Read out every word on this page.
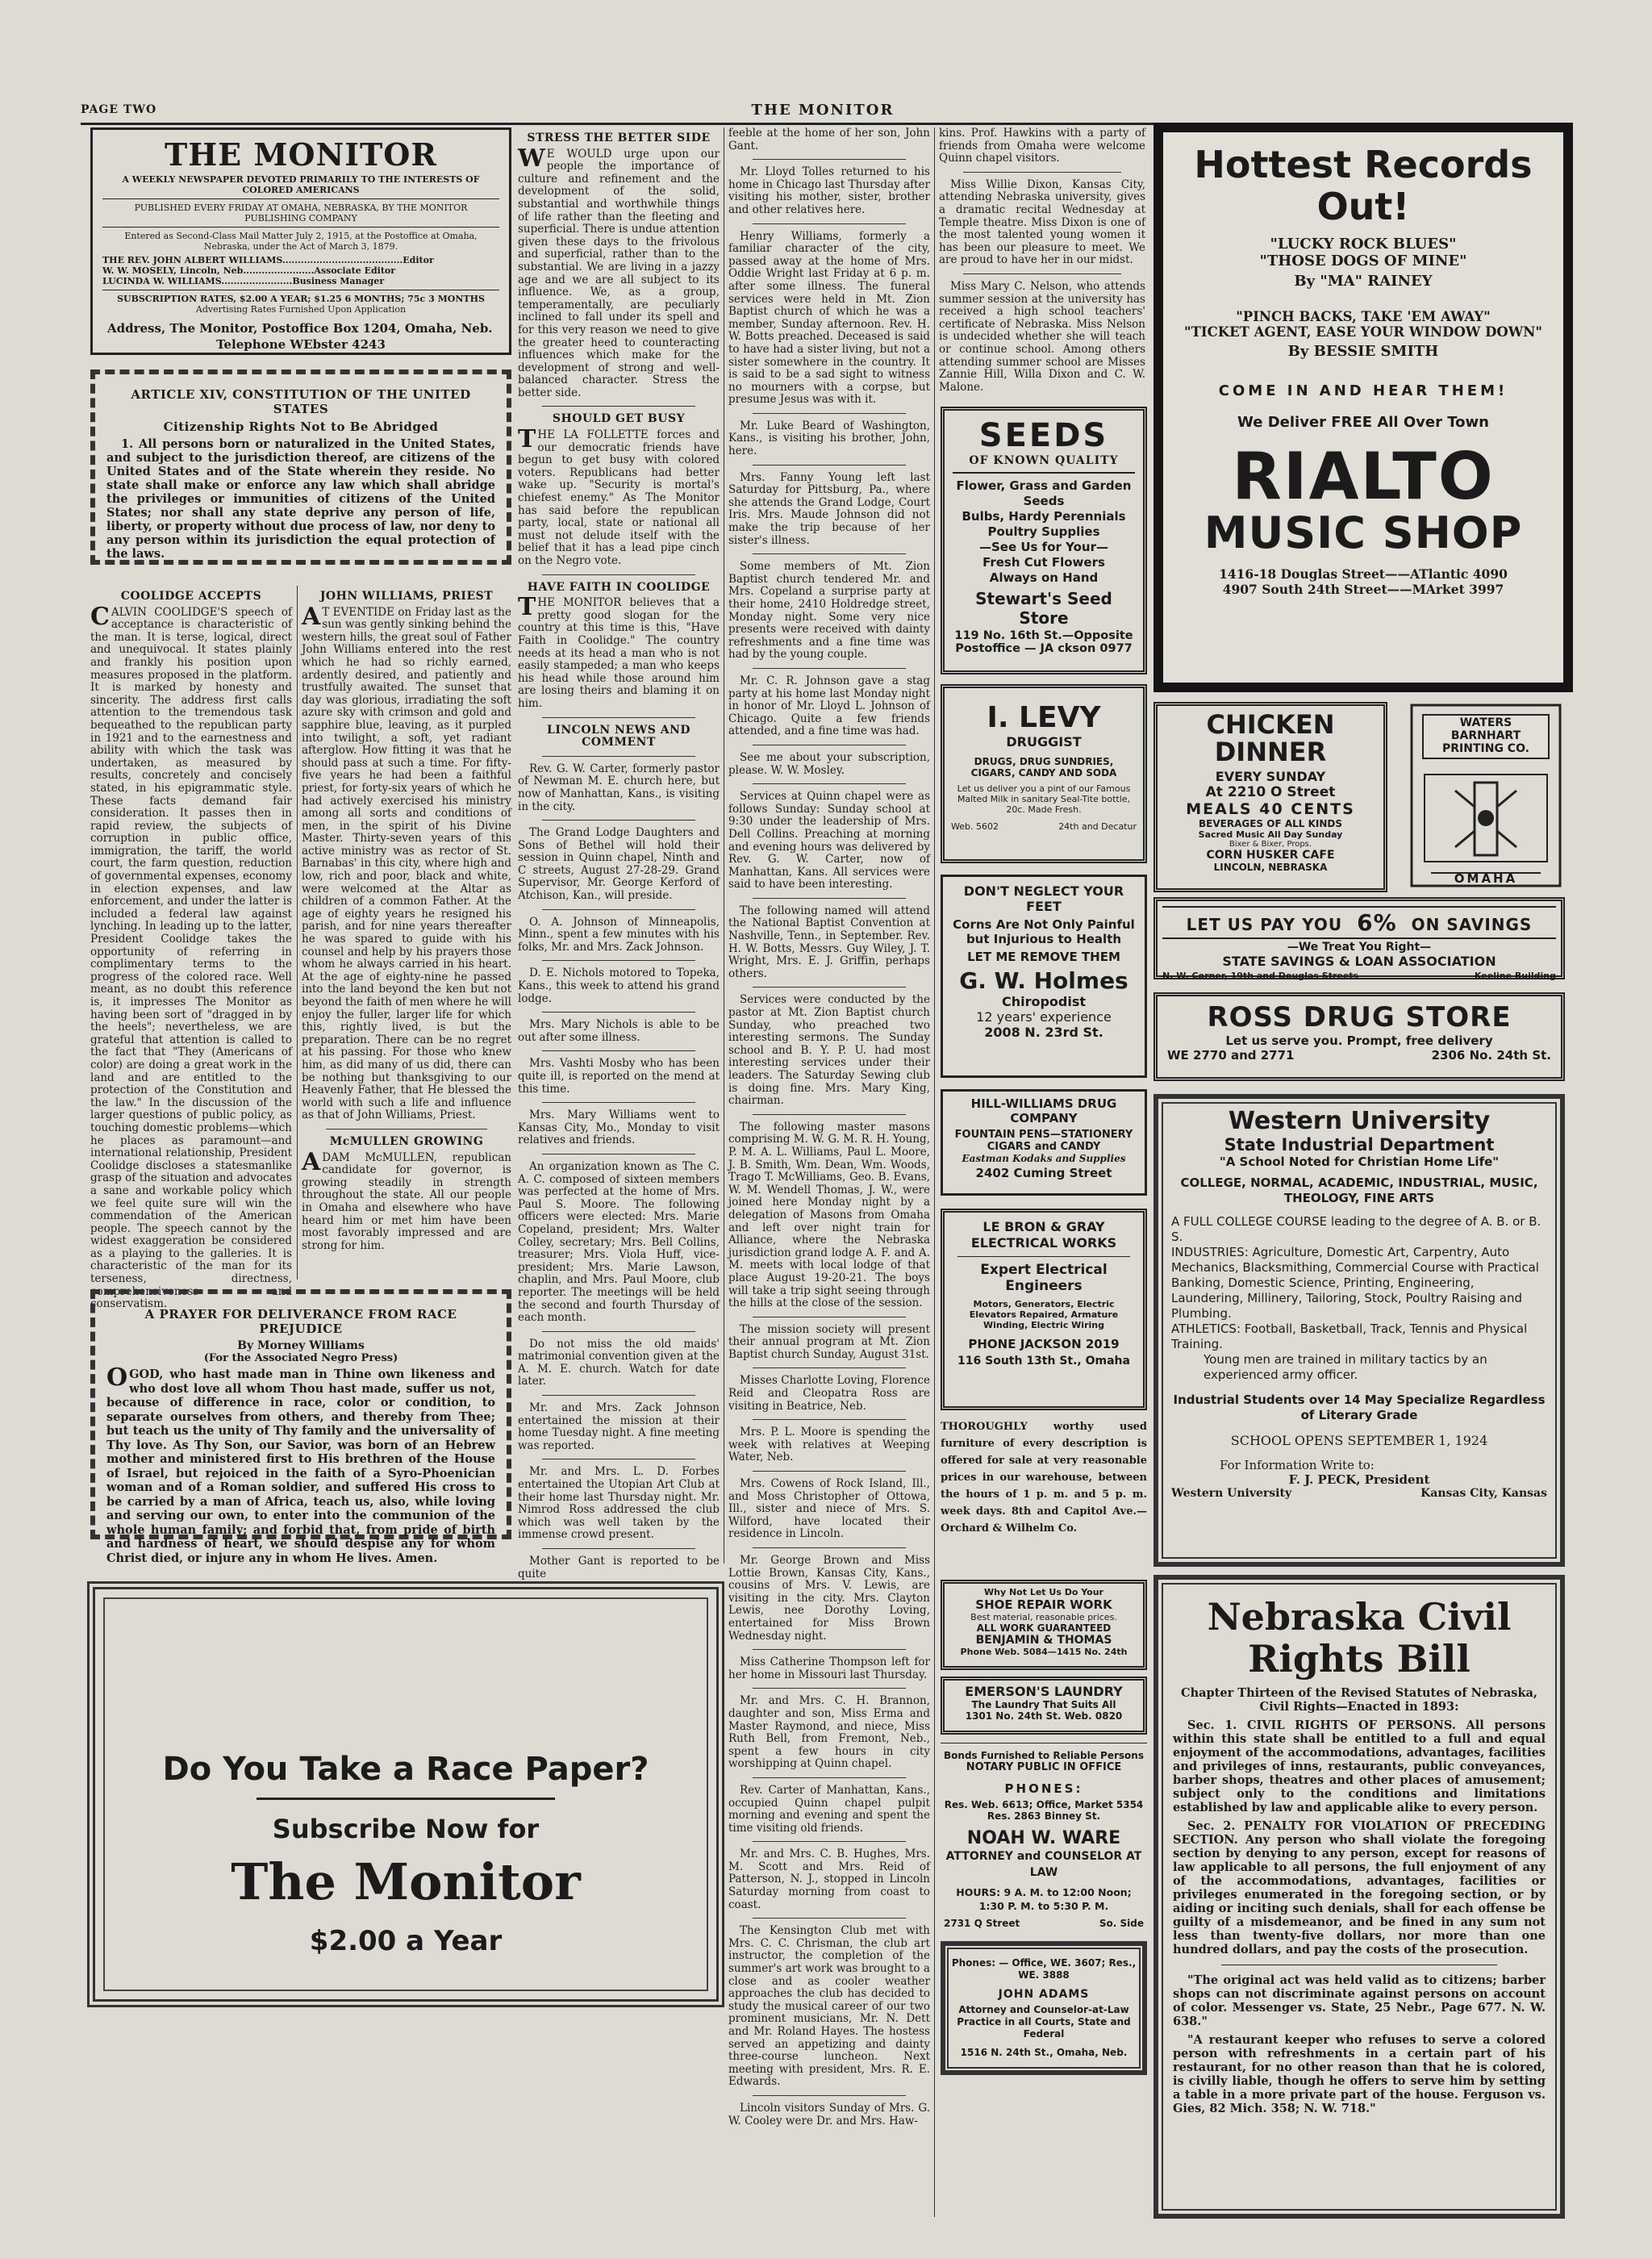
PAGE TWO	THE MONITOR
THE MONITOR
A WEEKLY NEWSPAPER DEVOTED PRIMARILY TO THE INTERESTS OF COLORED AMERICANS
PUBLISHED EVERY FRIDAY AT OMAHA, NEBRASKA, BY THE MONITOR PUBLISHING COMPANY
Entered as Second-Class Mail Matter July 2, 1915, at the Postoffice at Omaha, Nebraska, under the Act of March 3, 1879.
THE REV. JOHN ALBERT WILLIAMS.......................................Editor
W. W. MOSELY, Lincoln, Neb.......................Associate Editor
LUCINDA W. WILLIAMS.......................Business Manager
SUBSCRIPTION RATES, $2.00 A YEAR; $1.25 6 MONTHS; 75c 3 MONTHS
Advertising Rates Furnished Upon Application
Address, The Monitor, Postoffice Box 1204, Omaha, Neb.
Telephone WEbster 4243
ARTICLE XIV, CONSTITUTION OF THE UNITED STATES
Citizenship Rights Not to Be Abridged
1. All persons born or naturalized in the United States, and subject to the jurisdiction thereof, are citizens of the United States and of the State wherein they reside. No state shall make or enforce any law which shall abridge the privileges or immunities of citizens of the United States; nor shall any state deprive any person of life, liberty, or property without due process of law, nor deny to any person within its jurisdiction the equal protection of the laws.
COOLIDGE ACCEPTS

CALVIN COOLIDGE'S speech of acceptance is characteristic of the man. It is terse, logical, direct and unequivocal. It states plainly and frankly his position upon measures proposed in the platform. It is marked by honesty and sincerity. The address first calls attention to the tremendous task bequeathed to the republican party in 1921 and to the earnestness and ability with which the task was undertaken, as measured by results, concretely and concisely stated, in his epigrammatic style. These facts demand fair consideration. It passes then in rapid review, the subjects of corruption in public office, immigration, the tariff, the world court, the farm question, reduction of governmental expenses, economy in election expenses, and law enforcement, and under the latter is included a federal law against lynching. In leading up to the latter, President Coolidge takes the opportunity of referring in complimentary terms to the progress of the colored race. Well meant, as no doubt this reference is, it impresses The Monitor as having been sort of "dragged in by the heels"; nevertheless, we are grateful that attention is called to the fact that "They (Americans of color) are doing a great work in the land and are entitled to the protection of the Constitution and the law." In the discussion of the larger questions of public policy, as touching domestic problems—which he places as paramount—and international relationship, President Coolidge discloses a statesmanlike grasp of the situation and advocates a sane and workable policy which we feel quite sure will win the commendation of the American people. The speech cannot by the widest exaggeration be considered as a playing to the galleries. It is characteristic of the man for its terseness, directness, comprehensiveness and conservatism.

JOHN WILLIAMS, PRIEST

AT EVENTIDE on Friday last as the sun was gently sinking behind the western hills, the great soul of Father John Williams entered into the rest which he had so richly earned, ardently desired, and patiently and trustfully awaited. The sunset that day was glorious, irradiating the soft azure sky with crimson and gold and sapphire blue, leaving, as it purpled into twilight, a soft, yet radiant afterglow. How fitting it was that he should pass at such a time. For fifty-five years he had been a faithful priest, for forty-six years of which he had actively exercised his ministry among all sorts and conditions of men, in the spirit of his Divine Master. Thirty-seven years of this active ministry was as rector of St. Barnabas' in this city, where high and low, rich and poor, black and white, were welcomed at the Altar as children of a common Father. At the age of eighty years he resigned his parish, and for nine years thereafter he was spared to guide with his counsel and help by his prayers those whom he always carried in his heart. At the age of eighty-nine he passed into the land beyond the ken but not beyond the faith of men where he will enjoy the fuller, larger life for which this, rightly lived, is but the preparation. There can be no regret at his passing. For those who knew him, as did many of us did, there can be nothing but thanksgiving to our Heavenly Father, that He blessed the world with such a life and influence as that of John Williams, Priest.

McMULLEN GROWING

ADAM McMULLEN, republican candidate for governor, is growing steadily in strength throughout the state. All our people in Omaha and elsewhere who have heard him or met him have been most favorably impressed and are strong for him.

A PRAYER FOR DELIVERANCE FROM RACE PREJUDICE
By Morney Williams
(For the Associated Negro Press)
OGOD, who hast made man in Thine own likeness and who dost love all whom Thou hast made, suffer us not, because of difference in race, color or condition, to separate ourselves from others, and thereby from Thee; but teach us the unity of Thy family and the universality of Thy love. As Thy Son, our Savior, was born of an Hebrew mother and ministered first to His brethren of the House of Israel, but rejoiced in the faith of a Syro-Phoenician woman and of a Roman soldier, and suffered His cross to be carried by a man of Africa, teach us, also, while loving and serving our own, to enter into the communion of the whole human family; and forbid that, from pride of birth and hardness of heart, we should despise any for whom Christ died, or injure any in whom He lives. Amen.
Do You Take a Race Paper?
Subscribe Now for
The Monitor
$2.00 a Year
STRESS THE BETTER SIDE

WE WOULD urge upon our people the importance of culture and refinement and the development of the solid, substantial and worthwhile things of life rather than the fleeting and superficial. There is undue attention given these days to the frivolous and superficial, rather than to the substantial. We are living in a jazzy age and we are all subject to its influence. We, as a group, temperamentally, are peculiarly inclined to fall under its spell and for this very reason we need to give the greater heed to counteracting influences which make for the development of strong and well-balanced character. Stress the better side.

SHOULD GET BUSY

THE LA FOLLETTE forces and our democratic friends have begun to get busy with colored voters. Republicans had better wake up. "Security is mortal's chiefest enemy." As The Monitor has said before the republican party, local, state or national all must not delude itself with the belief that it has a lead pipe cinch on the Negro vote.

HAVE FAITH IN COOLIDGE

THE MONITOR believes that a pretty good slogan for the country at this time is this, "Have Faith in Coolidge." The country needs at its head a man who is not easily stampeded; a man who keeps his head while those around him are losing theirs and blaming it on him.

LINCOLN NEWS AND COMMENT

Rev. G. W. Carter, formerly pastor of Newman M. E. church here, but now of Manhattan, Kans., is visiting in the city.

The Grand Lodge Daughters and Sons of Bethel will hold their session in Quinn chapel, Ninth and C streets, August 27-28-29. Grand Supervisor, Mr. George Kerford of Atchison, Kan., will preside.

O. A. Johnson of Minneapolis, Minn., spent a few minutes with his folks, Mr. and Mrs. Zack Johnson.

D. E. Nichols motored to Topeka, Kans., this week to attend his grand lodge.

Mrs. Mary Nichols is able to be out after some illness.

Mrs. Vashti Mosby who has been quite ill, is reported on the mend at this time.

Mrs. Mary Williams went to Kansas City, Mo., Monday to visit relatives and friends.

An organization known as The C. A. C. composed of sixteen members was perfected at the home of Mrs. Paul S. Moore. The following officers were elected: Mrs. Marie Copeland, president; Mrs. Walter Colley, secretary; Mrs. Bell Collins, treasurer; Mrs. Viola Huff, vice-president; Mrs. Marie Lawson, chaplin, and Mrs. Paul Moore, club reporter. The meetings will be held the second and fourth Thursday of each month.

Do not miss the old maids' matrimonial convention given at the A. M. E. church. Watch for date later.

Mr. and Mrs. Zack Johnson entertained the mission at their home Tuesday night. A fine meeting was reported.

Mr. and Mrs. L. D. Forbes entertained the Utopian Art Club at their home last Thursday night. Mr. Nimrod Ross addressed the club which was well taken by the immense crowd present.

Mother Gant is reported to be quite

feeble at the home of her son, John Gant.

Mr. Lloyd Tolles returned to his home in Chicago last Thursday after visiting his mother, sister, brother and other relatives here.

Henry Williams, formerly a familiar character of the city, passed away at the home of Mrs. Oddie Wright last Friday at 6 p. m. after some illness. The funeral services were held in Mt. Zion Baptist church of which he was a member, Sunday afternoon. Rev. H. W. Botts preached. Deceased is said to have had a sister living, but not a sister somewhere in the country. It is said to be a sad sight to witness no mourners with a corpse, but presume Jesus was with it.

Mr. Luke Beard of Washington, Kans., is visiting his brother, John, here.

Mrs. Fanny Young left last Saturday for Pittsburg, Pa., where she attends the Grand Lodge, Court Iris. Mrs. Maude Johnson did not make the trip because of her sister's illness.

Some members of Mt. Zion Baptist church tendered Mr. and Mrs. Copeland a surprise party at their home, 2410 Holdredge street, Monday night. Some very nice presents were received with dainty refreshments and a fine time was had by the young couple.

Mr. C. R. Johnson gave a stag party at his home last Monday night in honor of Mr. Lloyd L. Johnson of Chicago. Quite a few friends attended, and a fine time was had.

See me about your subscription, please. W. W. Mosley.

Services at Quinn chapel were as follows Sunday: Sunday school at 9:30 under the leadership of Mrs. Dell Collins. Preaching at morning and evening hours was delivered by Rev. G. W. Carter, now of Manhattan, Kans. All services were said to have been interesting.

The following named will attend the National Baptist Convention at Nashville, Tenn., in September. Rev. H. W. Botts, Messrs. Guy Wiley, J. T. Wright, Mrs. E. J. Griffin, perhaps others.

Services were conducted by the pastor at Mt. Zion Baptist church Sunday, who preached two interesting sermons. The Sunday school and B. Y. P. U. had most interesting services under their leaders. The Saturday Sewing club is doing fine. Mrs. Mary King, chairman.

The following master masons comprising M. W. G. M. R. H. Young, P. M. A. L. Williams, Paul L. Moore, J. B. Smith, Wm. Dean, Wm. Woods, Trago T. McWilliams, Geo. B. Evans, W. M. Wendell Thomas, J. W., were joined here Monday night by a delegation of Masons from Omaha and left over night train for Alliance, where the Nebraska jurisdiction grand lodge A. F. and A. M. meets with local lodge of that place August 19-20-21. The boys will take a trip sight seeing through the hills at the close of the session.

The mission society will present their annual program at Mt. Zion Baptist church Sunday, August 31st.

Misses Charlotte Loving, Florence Reid and Cleopatra Ross are visiting in Beatrice, Neb.

Mrs. P. L. Moore is spending the week with relatives at Weeping Water, Neb.

Mrs. Cowens of Rock Island, Ill., and Moss Christopher of Ottowa, Ill., sister and niece of Mrs. S. Wilford, have located their residence in Lincoln.

Mr. George Brown and Miss Lottie Brown, Kansas City, Kans., cousins of Mrs. V. Lewis, are visiting in the city. Mrs. Clayton Lewis, nee Dorothy Loving, entertained for Miss Brown Wednesday night.

Miss Catherine Thompson left for her home in Missouri last Thursday.

Mr. and Mrs. C. H. Brannon, daughter and son, Miss Erma and Master Raymond, and niece, Miss Ruth Bell, from Fremont, Neb., spent a few hours in city worshipping at Quinn chapel.

Rev. Carter of Manhattan, Kans., occupied Quinn chapel pulpit morning and evening and spent the time visiting old friends.

Mr. and Mrs. C. B. Hughes, Mrs. M. Scott and Mrs. Reid of Patterson, N. J., stopped in Lincoln Saturday morning from coast to coast.

The Kensington Club met with Mrs. C. C. Chrisman, the club art instructor, the completion of the summer's art work was brought to a close and as cooler weather approaches the club has decided to study the musical career of our two prominent musicians, Mr. N. Dett and Mr. Roland Hayes. The hostess served an appetizing and dainty three-course luncheon. Next meeting with president, Mrs. R. E. Edwards.

Lincoln visitors Sunday of Mrs. G. W. Cooley were Dr. and Mrs. Haw-

kins. Prof. Hawkins with a party of friends from Omaha were welcome Quinn chapel visitors.

Miss Willie Dixon, Kansas City, attending Nebraska university, gives a dramatic recital Wednesday at Temple theatre. Miss Dixon is one of the most talented young women it has been our pleasure to meet. We are proud to have her in our midst.

Miss Mary C. Nelson, who attends summer session at the university has received a high school teachers' certificate of Nebraska. Miss Nelson is undecided whether she will teach or continue school. Among others attending summer school are Misses Zannie Hill, Willa Dixon and C. W. Malone.

SEEDS
OF KNOWN QUALITY
Flower, Grass and Garden Seeds
Bulbs, Hardy Perennials
Poultry Supplies
—See Us for Your—
Fresh Cut Flowers
Always on Hand
Stewart's Seed Store
119 No. 16th St.—Opposite
Postoffice — JA ckson 0977
I. LEVY
DRUGGIST
DRUGS, DRUG SUNDRIES, CIGARS, CANDY AND SODA
Let us deliver you a pint of our Famous Malted Milk in sanitary Seal-Tite bottle, 20c. Made Fresh.
Web. 5602	24th and Decatur
DON'T NEGLECT YOUR FEET
Corns Are Not Only Painful but Injurious to Health
LET ME REMOVE THEM
G. W. Holmes
Chiropodist
12 years' experience
2008 N. 23rd St.
HILL-WILLIAMS DRUG COMPANY
FOUNTAIN PENS—STATIONERY
CIGARS and CANDY
Eastman Kodaks and Supplies
2402 Cuming Street
LE BRON & GRAY ELECTRICAL WORKS
Expert Electrical Engineers
Motors, Generators, Electric Elevators Repaired, Armature Winding, Electric Wiring
PHONE JACKSON 2019
116 South 13th St., Omaha
THOROUGHLY worthy used furniture of every description is offered for sale at very reasonable prices in our warehouse, between the hours of 1 p. m. and 5 p. m. week days. 8th and Capitol Ave.—Orchard & Wilhelm Co.
Why Not Let Us Do Your
SHOE REPAIR WORK
Best material, reasonable prices.
ALL WORK GUARANTEED
BENJAMIN & THOMAS
Phone Web. 5084—1415 No. 24th
EMERSON'S LAUNDRY
The Laundry That Suits All
1301 No. 24th St. Web. 0820
Bonds Furnished to Reliable Persons
NOTARY PUBLIC IN OFFICE
PHONES:
Res. Web. 6613; Office, Market 5354
Res. 2863 Binney St.
NOAH W. WARE
ATTORNEY and COUNSELOR AT LAW
HOURS: 9 A. M. to 12:00 Noon; 1:30 P. M. to 5:30 P. M.
2731 Q Street	So. Side
Phones: — Office, WE. 3607; Res., WE. 3888
JOHN ADAMS
Attorney and Counselor-at-Law Practice in all Courts, State and Federal
1516 N. 24th St., Omaha, Neb.
Hottest Records Out!
"LUCKY ROCK BLUES"
"THOSE DOGS OF MINE"
By "MA" RAINEY
"PINCH BACKS, TAKE 'EM AWAY"
"TICKET AGENT, EASE YOUR WINDOW DOWN"
By BESSIE SMITH
COME IN AND HEAR THEM!
We Deliver FREE All Over Town
RIALTO
MUSIC SHOP
1416-18 Douglas Street——ATlantic 4090
4907 South 24th Street——MArket 3997
CHICKEN DINNER
EVERY SUNDAY
At 2210 O Street
MEALS 40 CENTS
BEVERAGES OF ALL KINDS
Sacred Music All Day Sunday
Bixer & Bixer, Props.
CORN HUSKER CAFE
LINCOLN, NEBRASKA
WATERS BARNHART PRINTING CO.
OMAHA
LET US PAY YOU 6% ON SAVINGS
—We Treat You Right—
STATE SAVINGS & LOAN ASSOCIATION
N. W. Corner, 19th and Douglas Streets	Keeline Building
ROSS DRUG STORE
Let us serve you. Prompt, free delivery
WE 2770 and 2771	2306 No. 24th St.
Western University
State Industrial Department
"A School Noted for Christian Home Life"
COLLEGE, NORMAL, ACADEMIC, INDUSTRIAL, MUSIC, THEOLOGY, FINE ARTS
A FULL COLLEGE COURSE leading to the degree of A. B. or B. S.
INDUSTRIES: Agriculture, Domestic Art, Carpentry, Auto Mechanics, Blacksmithing, Commercial Course with Practical Banking, Domestic Science, Printing, Engineering, Laundering, Millinery, Tailoring, Stock, Poultry Raising and Plumbing.
ATHLETICS: Football, Basketball, Track, Tennis and Physical Training.
Young men are trained in military tactics by an experienced army officer.
Industrial Students over 14 May Specialize Regardless of Literary Grade
SCHOOL OPENS SEPTEMBER 1, 1924
For Information Write to:
F. J. PECK, President
Western University	Kansas City, Kansas
Nebraska Civil Rights Bill
Chapter Thirteen of the Revised Statutes of Nebraska, Civil Rights—Enacted in 1893:
Sec. 1. CIVIL RIGHTS OF PERSONS. All persons within this state shall be entitled to a full and equal enjoyment of the accommodations, advantages, facilities and privileges of inns, restaurants, public conveyances, barber shops, theatres and other places of amusement; subject only to the conditions and limitations established by law and applicable alike to every person.
Sec. 2. PENALTY FOR VIOLATION OF PRECEDING SECTION. Any person who shall violate the foregoing section by denying to any person, except for reasons of law applicable to all persons, the full enjoyment of any of the accommodations, advantages, facilities or privileges enumerated in the foregoing section, or by aiding or inciting such denials, shall for each offense be guilty of a misdemeanor, and be fined in any sum not less than twenty-five dollars, nor more than one hundred dollars, and pay the costs of the prosecution.
"The original act was held valid as to citizens; barber shops can not discriminate against persons on account of color. Messenger vs. State, 25 Nebr., Page 677. N. W. 638."
"A restaurant keeper who refuses to serve a colored person with refreshments in a certain part of his restaurant, for no other reason than that he is colored, is civilly liable, though he offers to serve him by setting a table in a more private part of the house. Ferguson vs. Gies, 82 Mich. 358; N. W. 718."
